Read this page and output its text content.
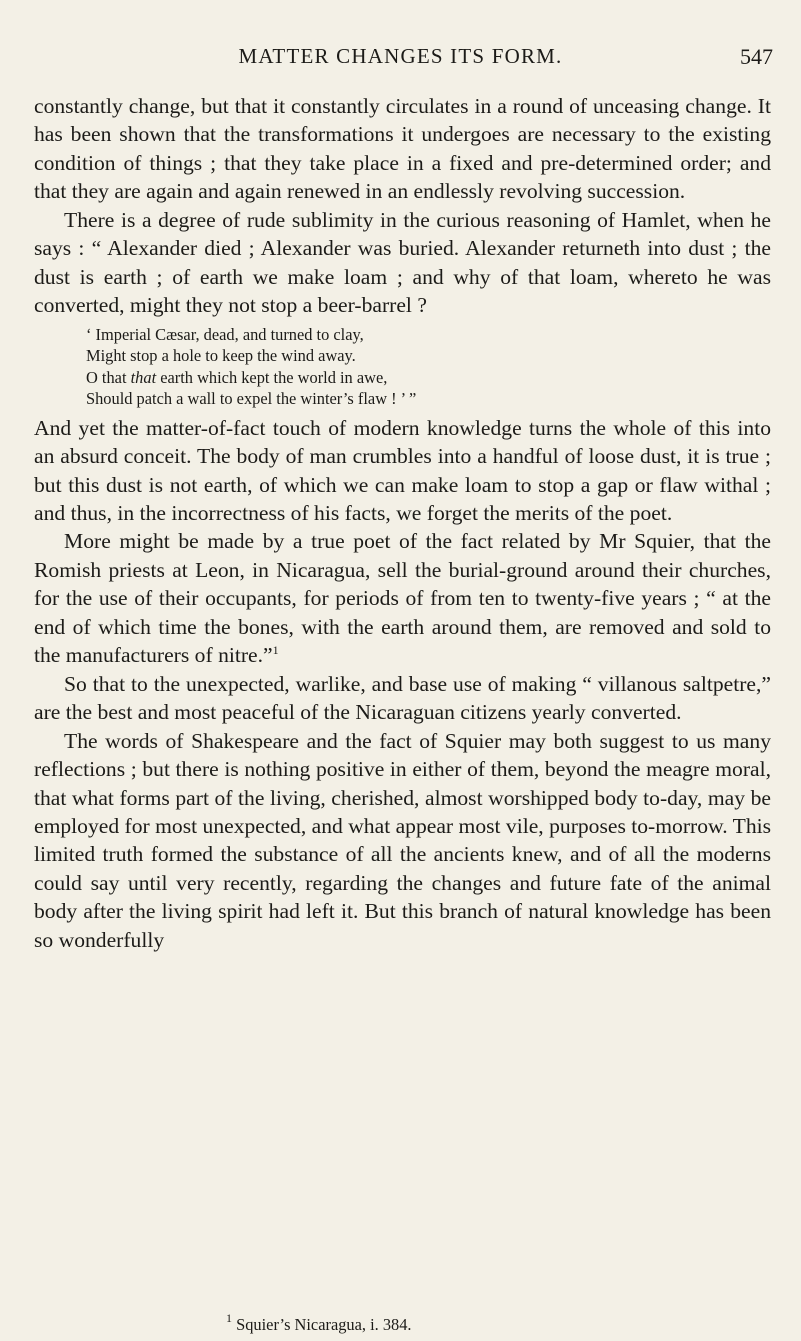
MATTER CHANGES ITS FORM.	547

constantly change, but that it constantly circulates in a round of unceasing change. It has been shown that the transformations it undergoes are necessary to the existing condition of things ; that they take place in a fixed and pre-determined order; and that they are again and again renewed in an endlessly revolving succession.

There is a degree of rude sublimity in the curious reasoning of Hamlet, when he says : “ Alexander died ; Alexander was buried. Alexander returneth into dust ; the dust is earth ; of earth we make loam ; and why of that loam, whereto he was converted, might they not stop a beer-barrel ?

‘ Imperial Cæsar, dead, and turned to clay,
Might stop a hole to keep the wind away.
O that that earth which kept the world in awe,
Should patch a wall to expel the winter’s flaw ! ’ ”

And yet the matter-of-fact touch of modern knowledge turns the whole of this into an absurd conceit. The body of man crumbles into a handful of loose dust, it is true ; but this dust is not earth, of which we can make loam to stop a gap or flaw withal ; and thus, in the incorrectness of his facts, we forget the merits of the poet.

More might be made by a true poet of the fact related by Mr Squier, that the Romish priests at Leon, in Nicaragua, sell the burial-ground around their churches, for the use of their occupants, for periods of from ten to twenty-five years ; “ at the end of which time the bones, with the earth around them, are removed and sold to the manufacturers of nitre.”$^1$

So that to the unexpected, warlike, and base use of making “ villanous saltpetre,” are the best and most peaceful of the Nicaraguan citizens yearly converted.

The words of Shakespeare and the fact of Squier may both suggest to us many reflections ; but there is nothing positive in either of them, beyond the meagre moral, that what forms part of the living, cherished, almost worshipped body to-day, may be employed for most unexpected, and what appear most vile, purposes to-morrow. This limited truth formed the substance of all the ancients knew, and of all the moderns could say until very recently, regarding the changes and future fate of the animal body after the living spirit had left it. But this branch of natural knowledge has been so wonderfully

$^1$ Squier’s Nicaragua, i. 384.
